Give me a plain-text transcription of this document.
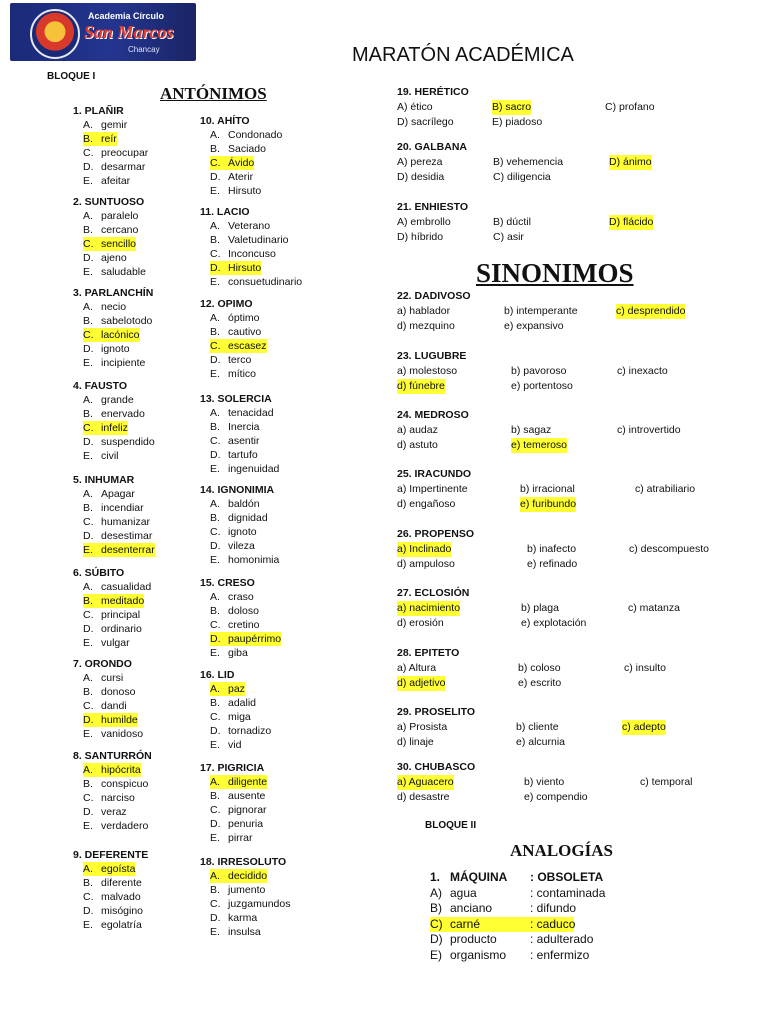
Academia Círculo
San Marcos
Chancay	MARATÓN ACADÉMICA
BLOQUE I
ANTÓNIMOS
SINONIMOS
BLOQUE II
ANALOGÍAS
1. PLAÑIR
A. gemir
B. reír
C. preocupar
D. desarmar
E. afeitar
2. SUNTUOSO
A. paralelo
B. cercano
C. sencillo
D. ajeno
E. saludable
3. PARLANCHÍN
A. necio
B. sabelotodo
C. lacónico
D. ignoto
E. incipiente
4. FAUSTO
A. grande
B. enervado
C. infeliz
D. suspendido
E. civil
5. INHUMAR
A. Apagar
B. incendiar
C. humanizar
D. desestimar
E. desenterrar
6. SÚBITO
A. casualidad
B. meditado
C. principal
D. ordinario
E. vulgar
7. ORONDO
A. cursi
B. donoso
C. dandi
D. humilde
E. vanidoso
8. SANTURRÓN
A. hipócrita
B. conspicuo
C. narciso
D. veraz
E. verdadero
9. DEFERENTE
A. egoísta
B. diferente
C. malvado
D. misógino
E. egolatría
10. AHÍTO
A. Condonado
B. Saciado
C. Ávido
D. Aterir
E. Hirsuto
11. LACIO
A. Veterano
B. Valetudinario
C. Inconcuso
D. Hirsuto
E. consuetudinario
12. OPIMO
A. óptimo
B. cautivo
C. escasez
D. terco
E. mítico
13. SOLERCIA
A. tenacidad
B. Inercia
C. asentir
D. tartufo
E. ingenuidad
14. IGNONIMIA
A. baldón
B. dignidad
C. ignoto
D. vileza
E. homonimia
15. CRESO
A. craso
B. doloso
C. cretino
D. paupérrimo
E. giba
16. LID
A. paz
B. adalid
C. miga
D. tornadizo
E. vid
17. PIGRICIA
A. diligente
B. ausente
C. pignorar
D. penuria
E. pirrar
18. IRRESOLUTO
A. decidido
B. jumento
C. juzgamundos
D. karma
E. insulsa
19. HERÉTICO
A) ético	B) sacro	C) profano
D) sacrílego	E) piadoso
20. GALBANA
A) pereza	B) vehemencia	D) ánimo
D) desidia	C) diligencia
21. ENHIESTO
A) embrollo	B) dúctil	D) flácido
D) híbrido	C) asir
22. DADIVOSO
a) hablador	b) intemperante	c) desprendido
d) mezquino	e) expansivo
23. LUGUBRE
a) molestoso	b) pavoroso	c) inexacto
d) fúnebre	e) portentoso
24. MEDROSO
a) audaz	b) sagaz	c) introvertido
d) astuto	e) temeroso
25. IRACUNDO
a) Impertinente	b) irracional	c) atrabiliario
d) engañoso	e) furibundo
26. PROPENSO
a) Inclinado	b) inafecto	c) descompuesto
d) ampuloso	e) refinado
27. ECLOSIÓN
a) nacimiento	b) plaga	c) matanza
d) erosión	e) explotación
28. EPITETO
a) Altura	b) coloso	c) insulto
d) adjetivo	e) escrito
29. PROSELITO
a) Prosista	b) cliente	c) adepto
d) linaje	e) alcurnia
30. CHUBASCO
a) Aguacero	b) viento	c) temporal
d) desastre	e) compendio
1. MÁQUINA : OBSOLETA
A) agua	: contaminada
B) anciano	: difundo
C) carné	: caduco
D) producto	: adulterado
E) organismo : enfermizo
